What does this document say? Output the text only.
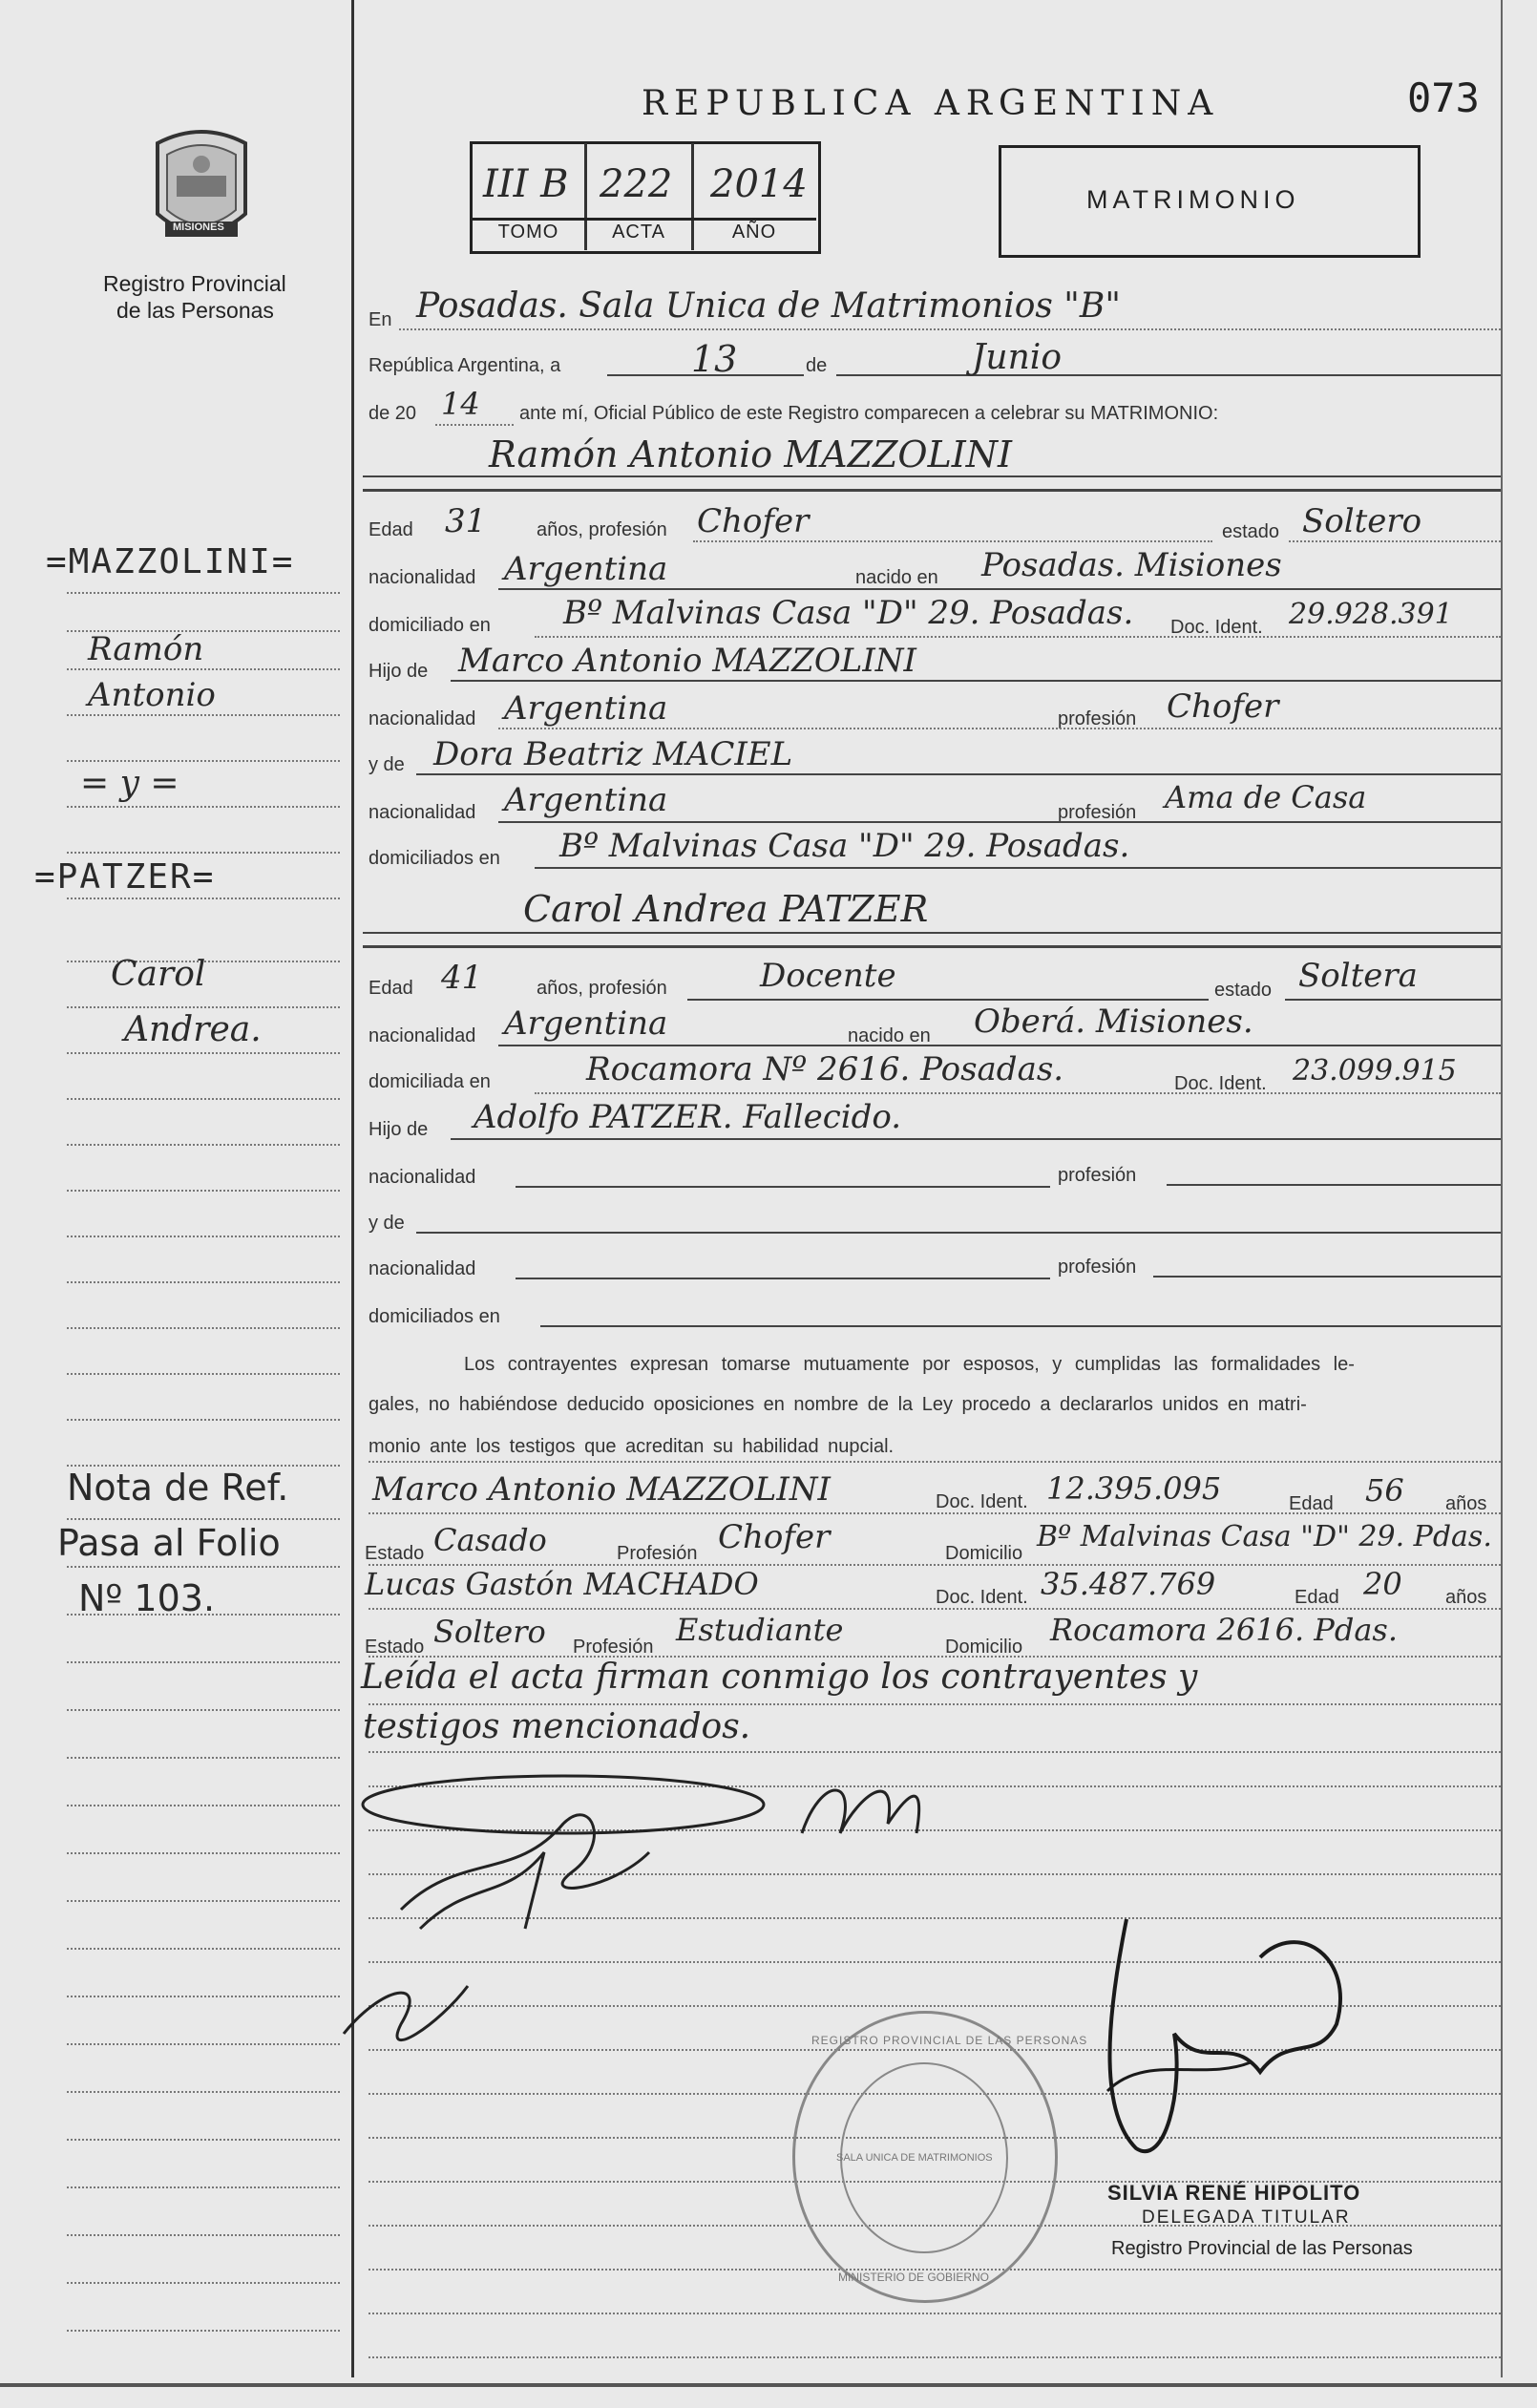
073
REPUBLICA ARGENTINA
MISIONES
Registro Provincial
de las Personas
III B 222 2014
TOMO	ACTA	AÑO
MATRIMONIO
En Posadas. Sala Unica de Matrimonios "B"
República Argentina, a	13	de	Junio
de 20 14 ante mí, Oficial Público de este Registro comparecen a celebrar su MATRIMONIO:
Ramón Antonio MAZZOLINI
Edad 31	años, profesión Chofer	estado Soltero
nacionalidad Argentina	nacido en Posadas. Misiones
domiciliado en Bº Malvinas Casa "D" 29. Posadas. Doc. Ident. 29.928.391
Hijo de Marco Antonio MAZZOLINI
nacionalidad Argentina	profesión Chofer
y de Dora Beatriz MACIEL
nacionalidad Argentina	profesión Ama de Casa
domiciliados en Bº Malvinas Casa "D" 29. Posadas.
Carol Andrea PATZER
Edad 41	años, profesión	Docente	estado Soltera
nacionalidad Argentina	nacido en Oberá. Misiones.
domiciliada en	Rocamora Nº 2616. Posadas.	Doc. Ident. 23.099.915
Hijo de Adolfo PATZER. Fallecido.
nacionalidad	profesión
y de
nacionalidad	profesión
domiciliados en
Los contrayentes expresan tomarse mutuamente por esposos, y cumplidas las formalidades le-
gales, no habiéndose deducido oposiciones en nombre de la Ley procedo a declararlos unidos en matri-
monio ante los testigos que acreditan su habilidad nupcial.
Marco Antonio MAZZOLINI	Doc. Ident. 12.395.095	Edad 56 años
Estado Casado	Profesión Chofer	Domicilio Bº Malvinas Casa "D" 29. Pdas.
Lucas Gastón MACHADO	Doc. Ident. 35.487.769	Edad 20 años
Estado Soltero Profesión Estudiante	Domicilio Rocamora 2616. Pdas.
Leída el acta firman conmigo los contrayentes y
testigos mencionados.
REGISTRO PROVINCIAL DE LAS PERSONAS
SALA UNICA DE MATRIMONIOS
MINISTERIO DE GOBIERNO
SILVIA RENÉ HIPOLITO
DELEGADA TITULAR
Registro Provincial de las Personas
=MAZZOLINI=
Ramón
Antonio
= y =
=PATZER=
Carol
Andrea.
Nota de Ref.
Pasa al Folio
Nº 103.
